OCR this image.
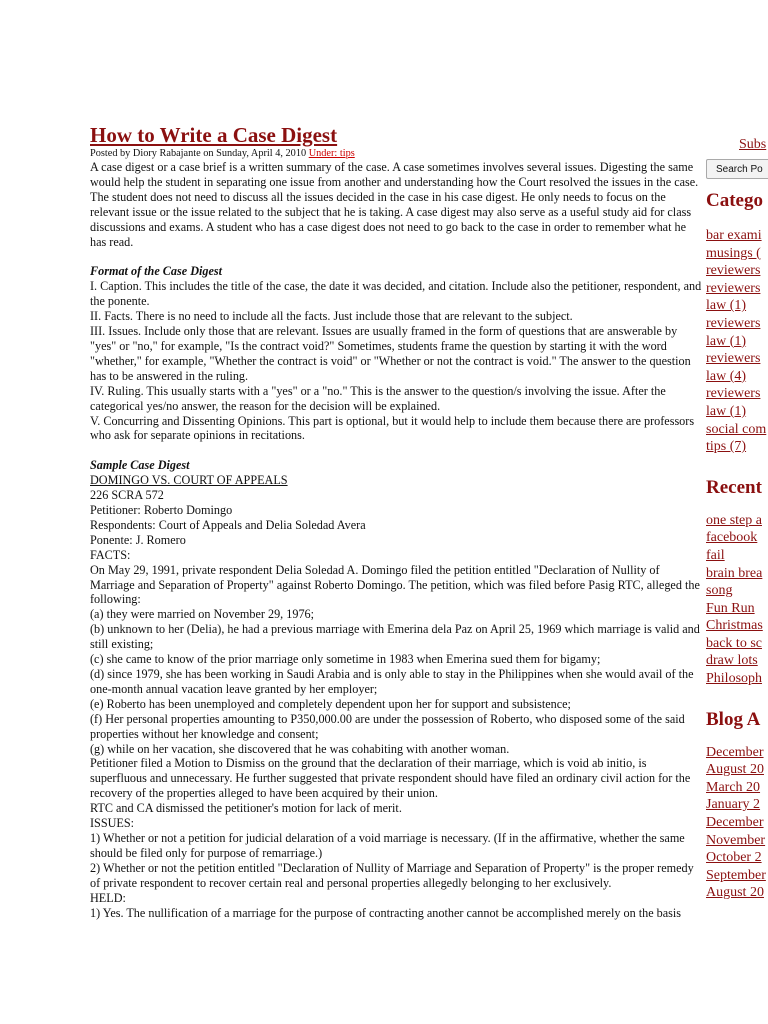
How to Write a Case Digest

Posted by Diory Rabajante on Sunday, April 4, 2010 Under: tips

A case digest or a case brief is a written summary of the case. A case sometimes involves several issues. Digesting the same would help the student in separating one issue from another and understanding how the Court resolved the issues in the case. The student does not need to discuss all the issues decided in the case in his case digest. He only needs to focus on the relevant issue or the issue related to the subject that he is taking. A case digest may also serve as a useful study aid for class discussions and exams. A student who has a case digest does not need to go back to the case in order to remember what he has read.

Format of the Case Digest

I. Caption. This includes the title of the case, the date it was decided, and citation. Include also the petitioner, respondent, and the ponente.

II. Facts. There is no need to include all the facts. Just include those that are relevant to the subject.

III. Issues. Include only those that are relevant. Issues are usually framed in the form of questions that are answerable by "yes" or "no," for example, "Is the contract void?" Sometimes, students frame the question by starting it with the word "whether," for example, "Whether the contract is void" or "Whether or not the contract is void." The answer to the question has to be answered in the ruling.

IV. Ruling. This usually starts with a "yes" or a "no." This is the answer to the question/s involving the issue. After the categorical yes/no answer, the reason for the decision will be explained.

V. Concurring and Dissenting Opinions. This part is optional, but it would help to include them because there are professors who ask for separate opinions in recitations.

Sample Case Digest

DOMINGO VS. COURT OF APPEALS

226 SCRA 572

Petitioner: Roberto Domingo

Respondents: Court of Appeals and Delia Soledad Avera

Ponente: J. Romero

FACTS:

On May 29, 1991, private respondent Delia Soledad A. Domingo filed the petition entitled "Declaration of Nullity of Marriage and Separation of Property" against Roberto Domingo. The petition, which was filed before Pasig RTC, alleged the following:

(a) they were married on November 29, 1976;

(b) unknown to her (Delia), he had a previous marriage with Emerina dela Paz on April 25, 1969 which marriage is valid and still existing;

(c) she came to know of the prior marriage only sometime in 1983 when Emerina sued them for bigamy;

(d) since 1979, she has been working in Saudi Arabia and is only able to stay in the Philippines when she would avail of the one-month annual vacation leave granted by her employer;

(e) Roberto has been unemployed and completely dependent upon her for support and subsistence;

(f) Her personal properties amounting to P350,000.00 are under the possession of Roberto, who disposed some of the said properties without her knowledge and consent;

(g) while on her vacation, she discovered that he was cohabiting with another woman.

Petitioner filed a Motion to Dismiss on the ground that the declaration of their marriage, which is void ab initio, is superfluous and unnecessary. He further suggested that private respondent should have filed an ordinary civil action for the recovery of the properties alleged to have been acquired by their union.

RTC and CA dismissed the petitioner's motion for lack of merit.

ISSUES:

1) Whether or not a petition for judicial delaration of a void marriage is necessary. (If in the affirmative, whether the same should be filed only for purpose of remarriage.)

2) Whether or not the petition entitled "Declaration of Nullity of Marriage and Separation of Property" is the proper remedy of private respondent to recover certain real and personal properties allegedly belonging to her exclusively.

HELD:

1) Yes. The nullification of a marriage for the purpose of contracting another cannot be accomplished merely on the basis

Subs
Search Po
Catego
bar exami
musings (
reviewers
reviewers
law (1)
reviewers
law (1)
reviewers
law (4)
reviewers
law (1)
social com
tips (7)
Recent
one step a
facebook
fail
brain brea
song
Fun Run
Christmas
back to sc
draw lots
Philosoph
Blog A
December
August 20
March 20
January 2
December
November
October 2
September
August 20
